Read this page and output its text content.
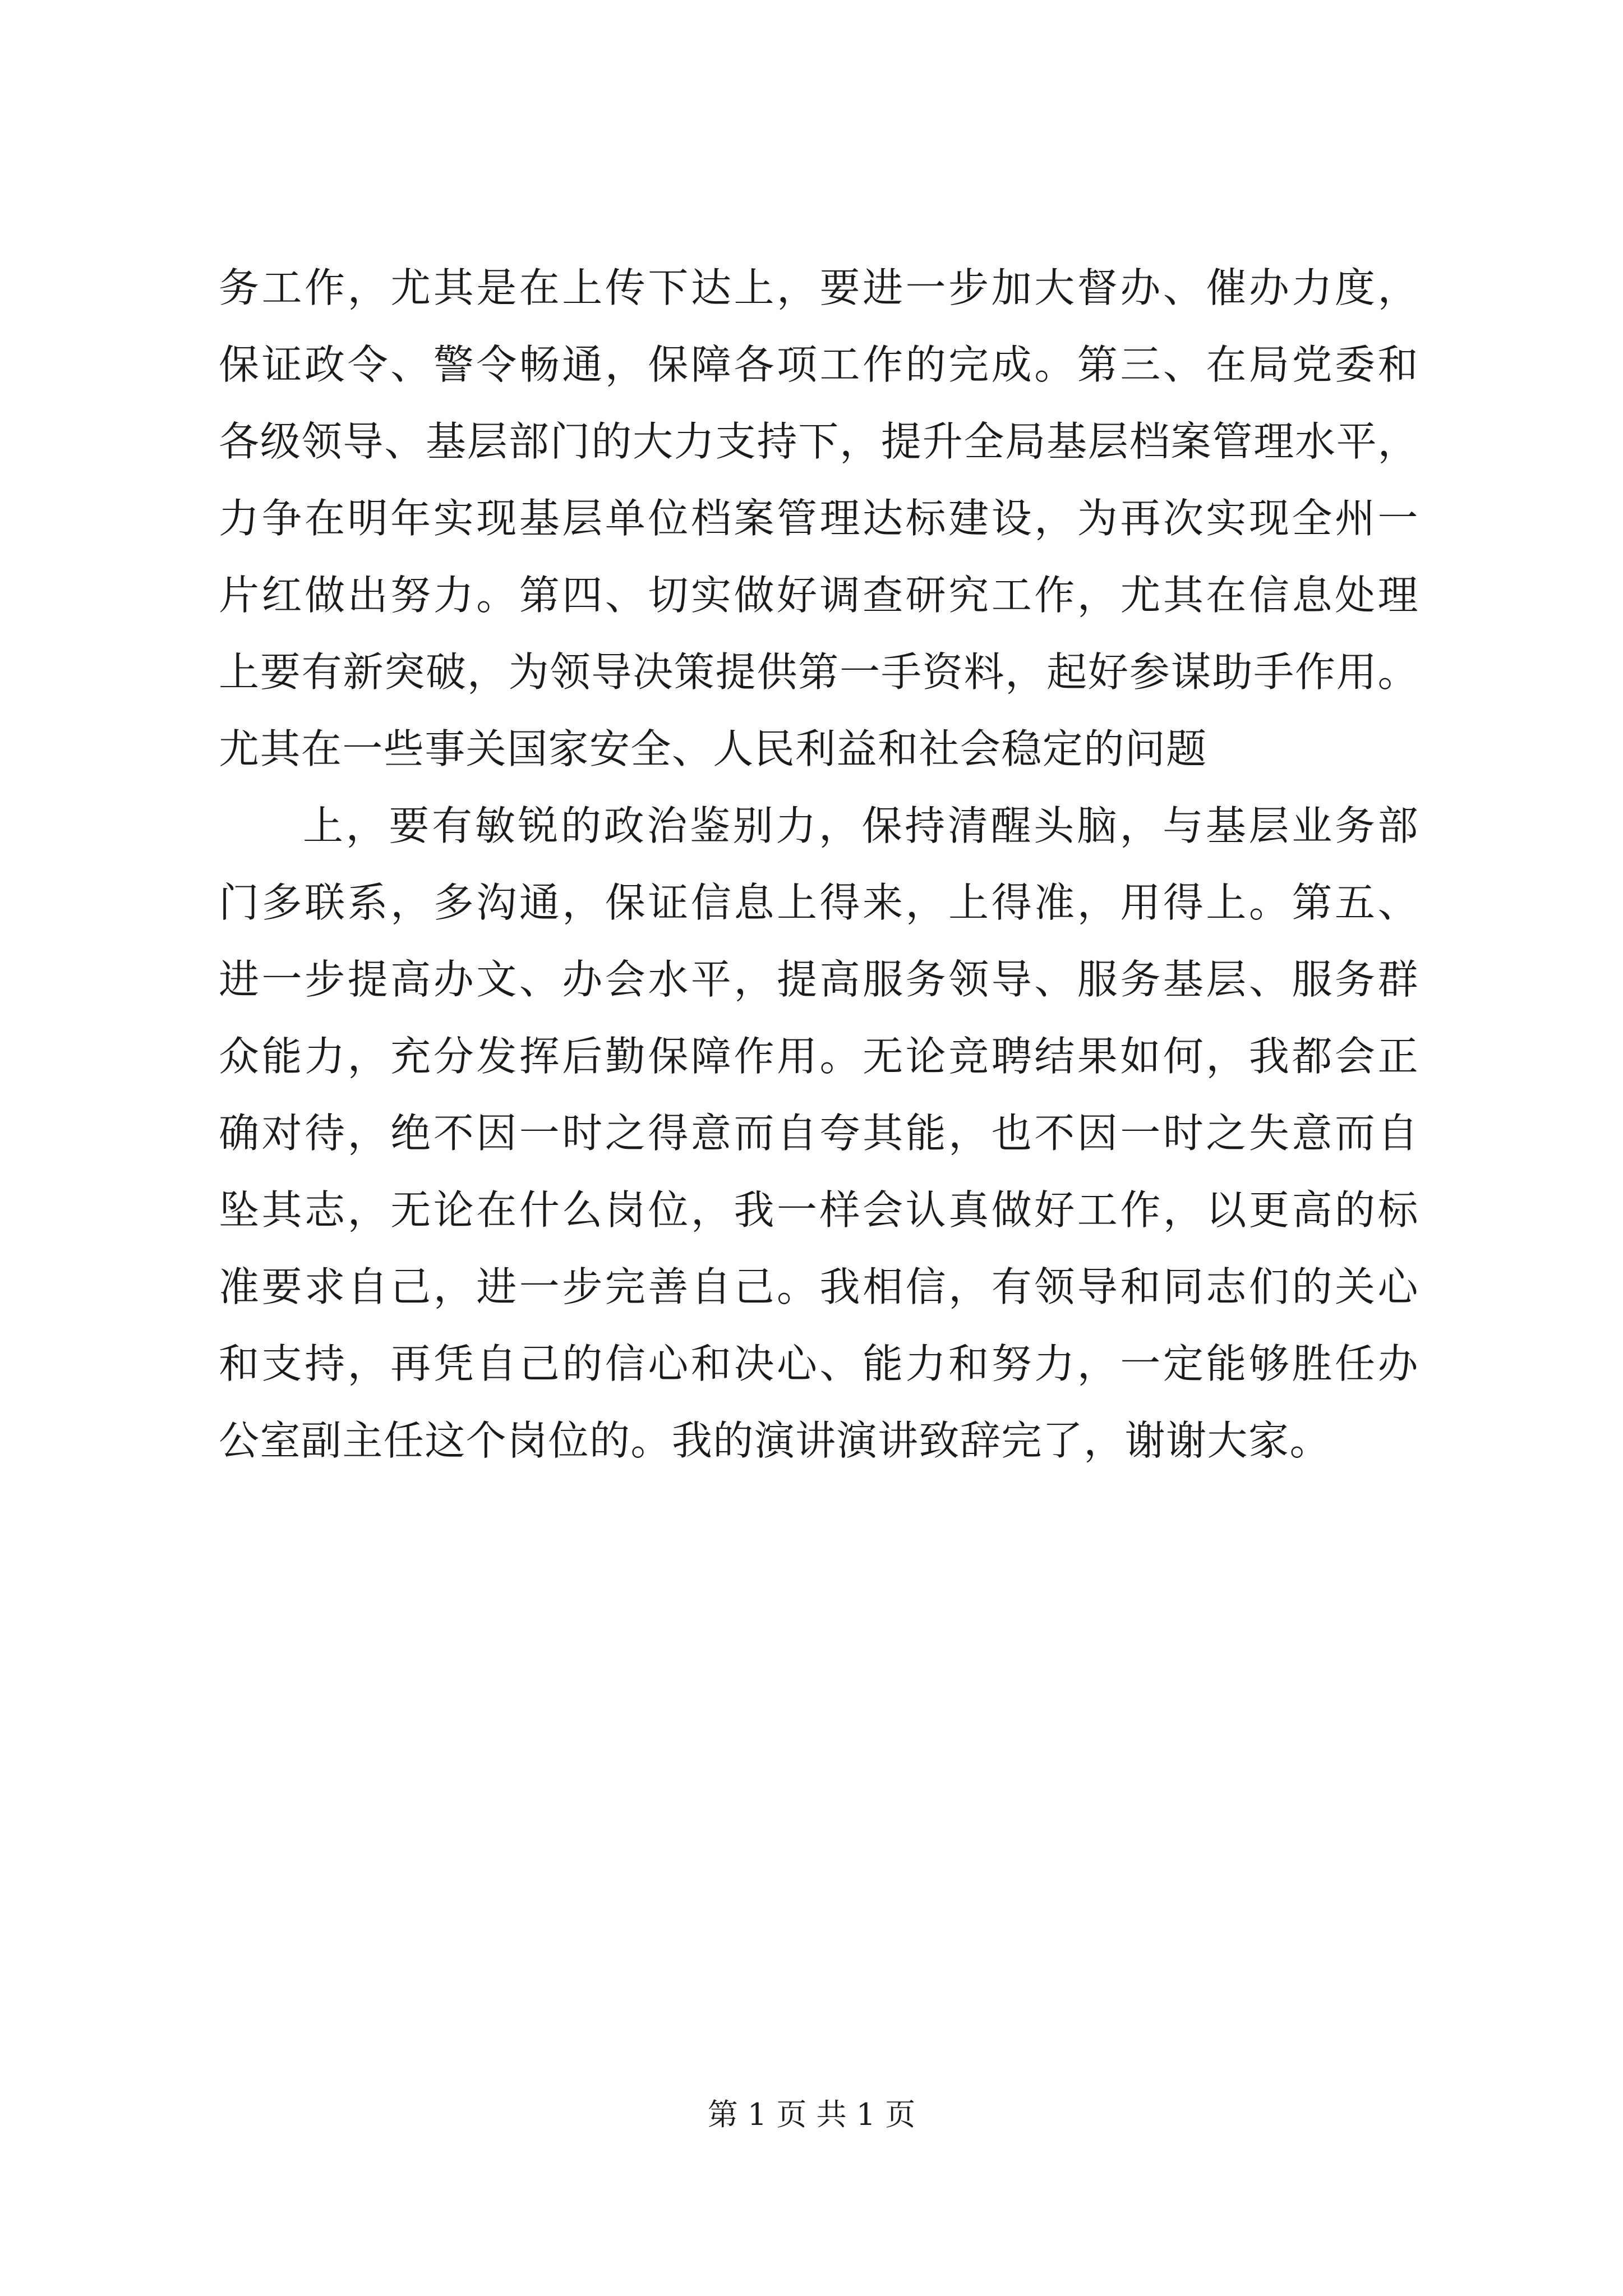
务工作，尤其是在上传下达上，要进一步加大督办、催办力度，
保证政令、警令畅通，保障各项工作的完成。第三、在局党委和
各级领导、基层部门的大力支持下，提升全局基层档案管理水平，
力争在明年实现基层单位档案管理达标建设，为再次实现全州一
片红做出努力。第四、切实做好调查研究工作，尤其在信息处理
上要有新突破，为领导决策提供第一手资料，起好参谋助手作用。
尤其在一些事关国家安全、人民利益和社会稳定的问题
上，要有敏锐的政治鉴别力，保持清醒头脑，与基层业务部
门多联系，多沟通，保证信息上得来，上得准，用得上。第五、
进一步提高办文、办会水平，提高服务领导、服务基层、服务群
众能力，充分发挥后勤保障作用。无论竞聘结果如何，我都会正
确对待，绝不因一时之得意而自夸其能，也不因一时之失意而自
坠其志，无论在什么岗位，我一样会认真做好工作，以更高的标
准要求自己，进一步完善自己。我相信，有领导和同志们的关心
和支持，再凭自己的信心和决心、能力和努力，一定能够胜任办
公室副主任这个岗位的。我的演讲演讲致辞完了，谢谢大家。
第 1 页 共 1 页
